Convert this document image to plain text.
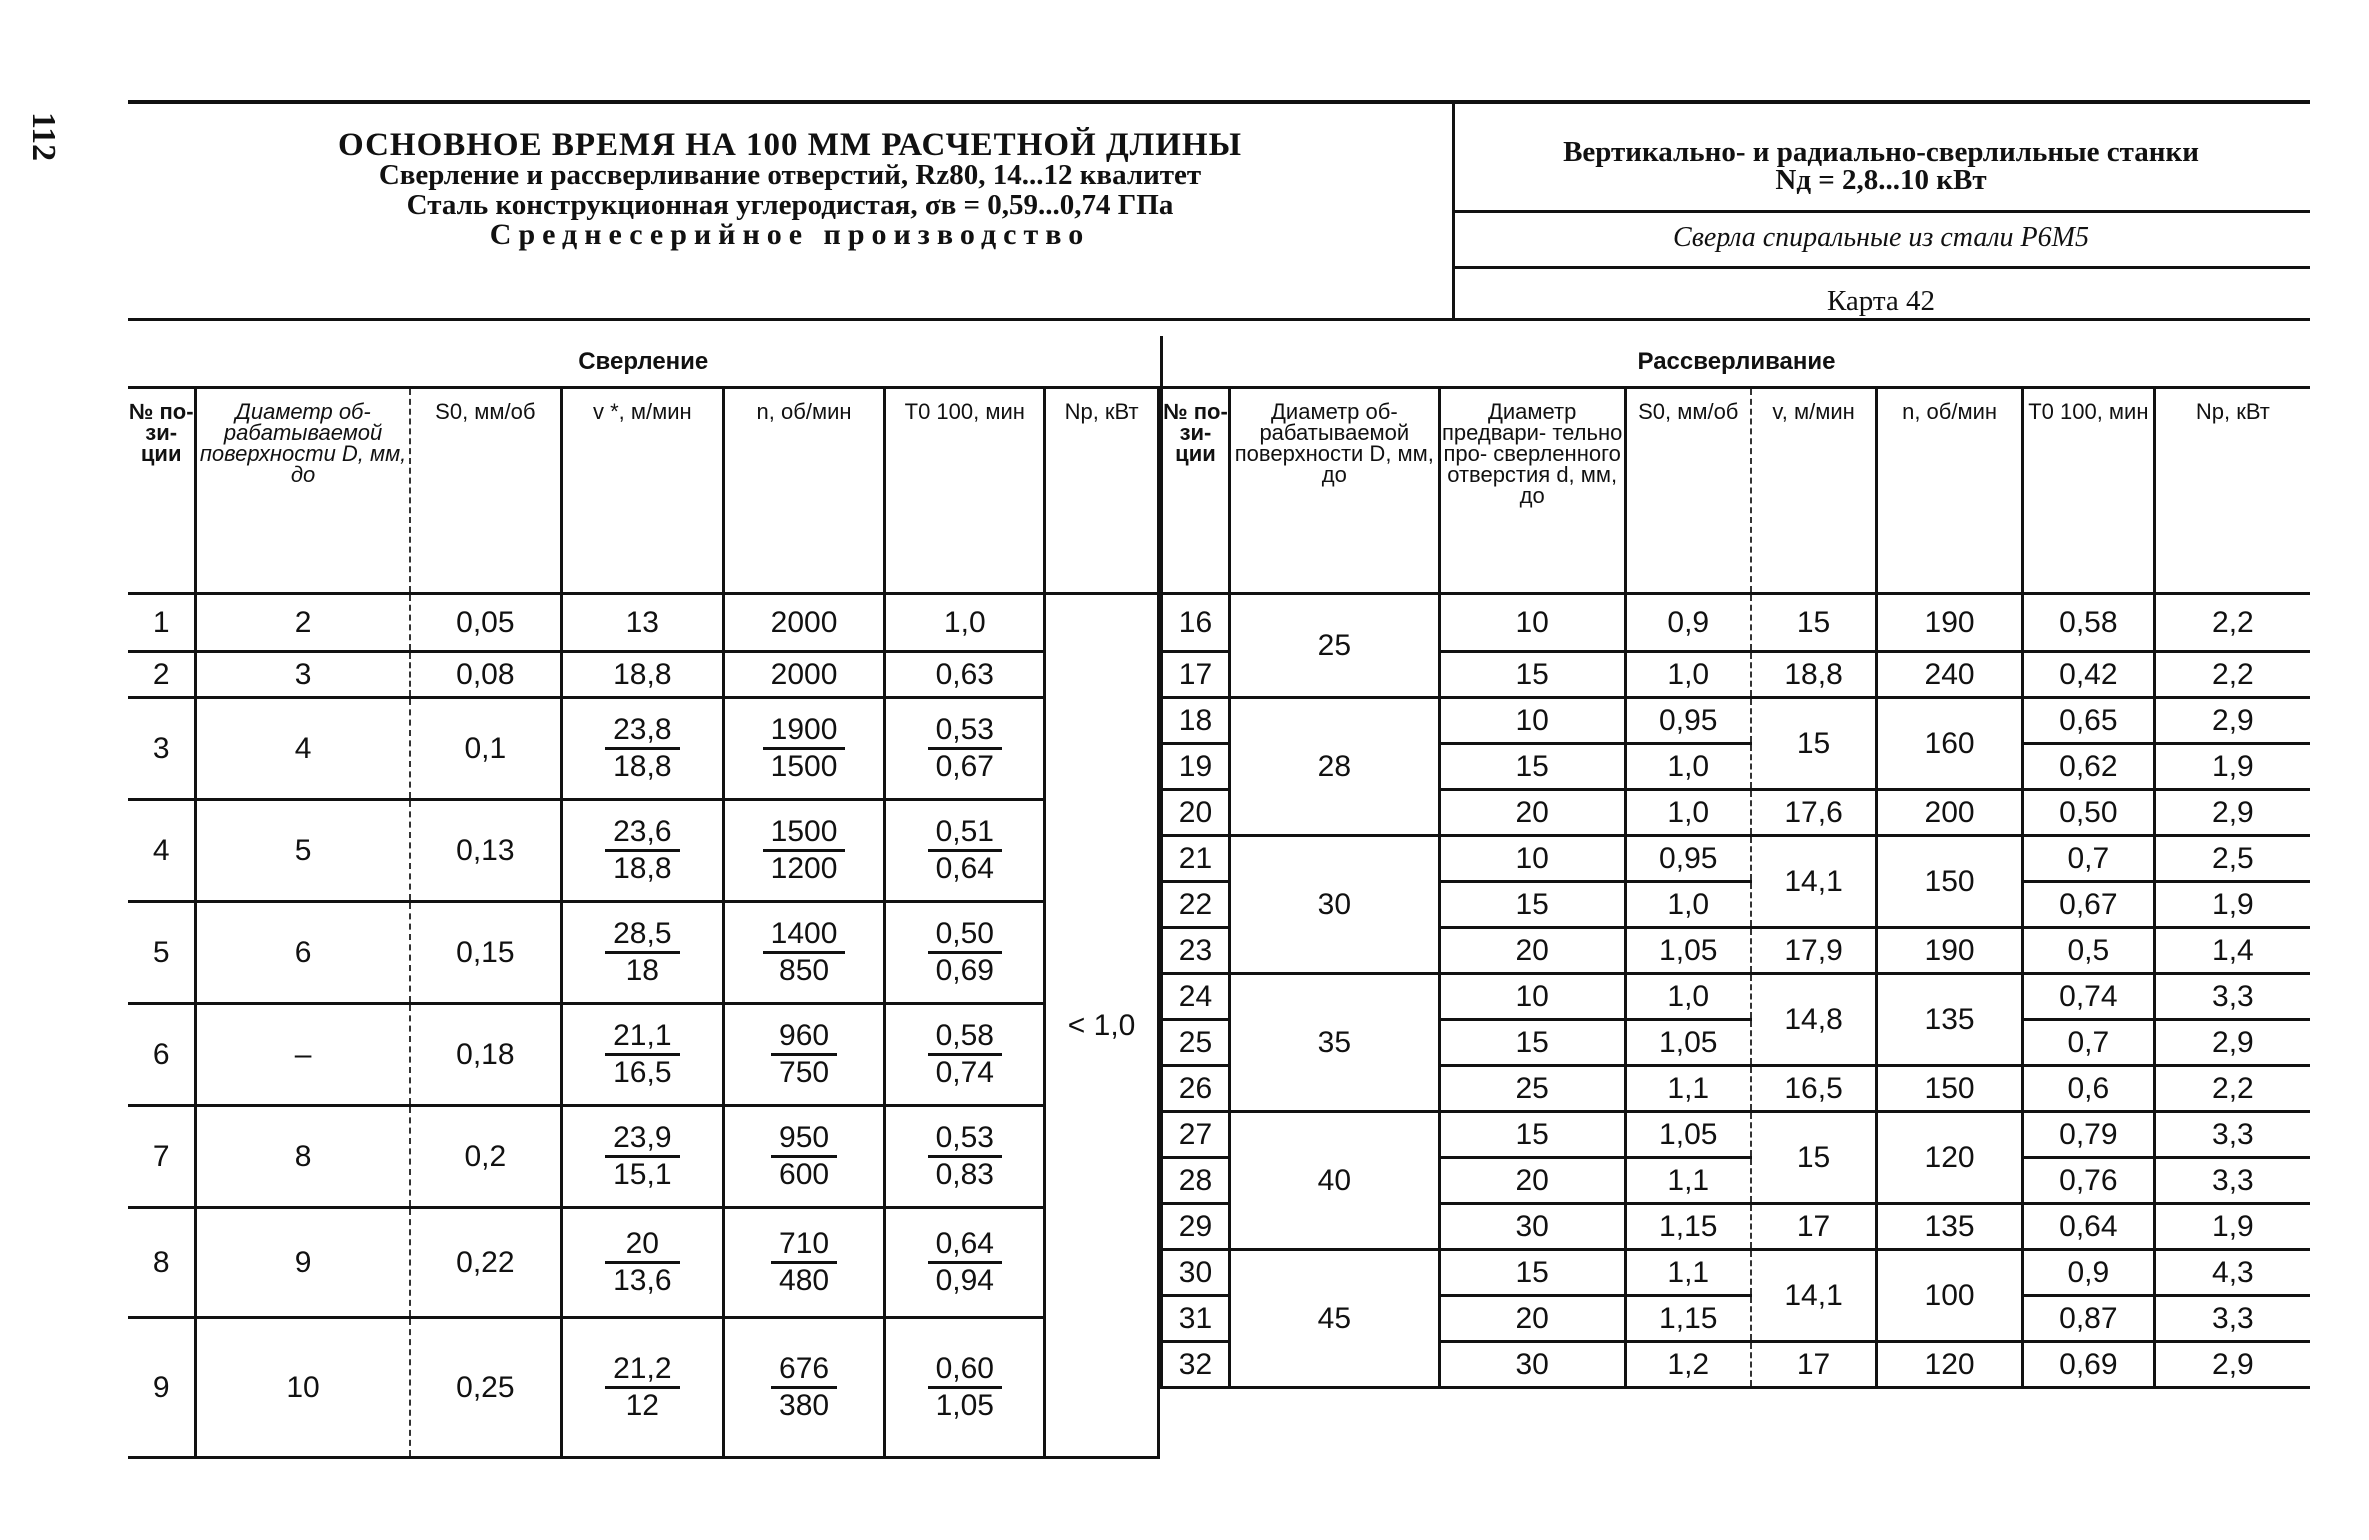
112	ОСНОВНОЕ ВРЕМЯ НА 100 ММ РАСЧЕТНОЙ ДЛИНЫ
Сверление и рассверливание отверстий, Rz80, 14...12 квалитет
Сталь конструкционная углеродистая, σв = 0,59...0,74 ГПа
Среднесерийное производство
Вертикально- и радиально-сверлильные станки
Nд = 2,8...10 кВт
Сверла спиральные из стали Р6М5
Карта 42
Сверление						
№ по- зи- ции	Диаметр об- рабатываемой поверхности D, мм, до	S0, мм/об	v *, м/мин	n, об/мин	T0 100, мин	Np, кВт
1	2	0,05	13	2000	1,0	< 1,0
2	3	0,08	18,8	2000	0,63	
3	4	0,1	$\frac{23,8}{18,8}$	$\frac{1900}{1500}$	$\frac{0,53}{0,67}$

4	5	0,13	$\frac{23,6}{18,8}$	$\frac{1500}{1200}$	$\frac{0,51}{0,64}$

5	6	0,15	$\frac{28,5}{18}$	$\frac{1400}{850}$	$\frac{0,50}{0,69}$

6	–	0,18	$\frac{21,1}{16,5}$	$\frac{960}{750}$	$\frac{0,58}{0,74}$

7	8	0,2	$\frac{23,9}{15,1}$	$\frac{950}{600}$	$\frac{0,53}{0,83}$

8	9	0,22	$\frac{20}{13,6}$	$\frac{710}{480}$	$\frac{0,64}{0,94}$

9	10	0,25	$\frac{21,2}{12}$	$\frac{676}{380}$	$\frac{0,60}{1,05}$
Рассверливание							
№ по- зи- ции	Диаметр об- рабатываемой поверхности D, мм, до	Диаметр предвари- тельно про- сверленного отверстия d, мм, до	S0, мм/об	v, м/мин	n, об/мин	T0 100, мин	Np, кВт
16	25	10	0,9	15	190	0,58	2,2
17		15	1,0	18,8	240	0,42	2,2
18	28	10	0,95	15	160	0,65	2,9
19		15	1,0			0,62	1,9
20		20	1,0	17,6	200	0,50	2,9
21	30	10	0,95	14,1	150	0,7	2,5
22		15	1,0			0,67	1,9
23		20	1,05	17,9	190	0,5	1,4
24	35	10	1,0	14,8	135	0,74	3,3
25		15	1,05			0,7	2,9
26		25	1,1	16,5	150	0,6	2,2
27	40	15	1,05	15	120	0,79	3,3
28		20	1,1			0,76	3,3
29		30	1,15	17	135	0,64	1,9
30	45	15	1,1	14,1	100	0,9	4,3
31		20	1,15			0,87	3,3
32		30	1,2	17	120	0,69	2,9
